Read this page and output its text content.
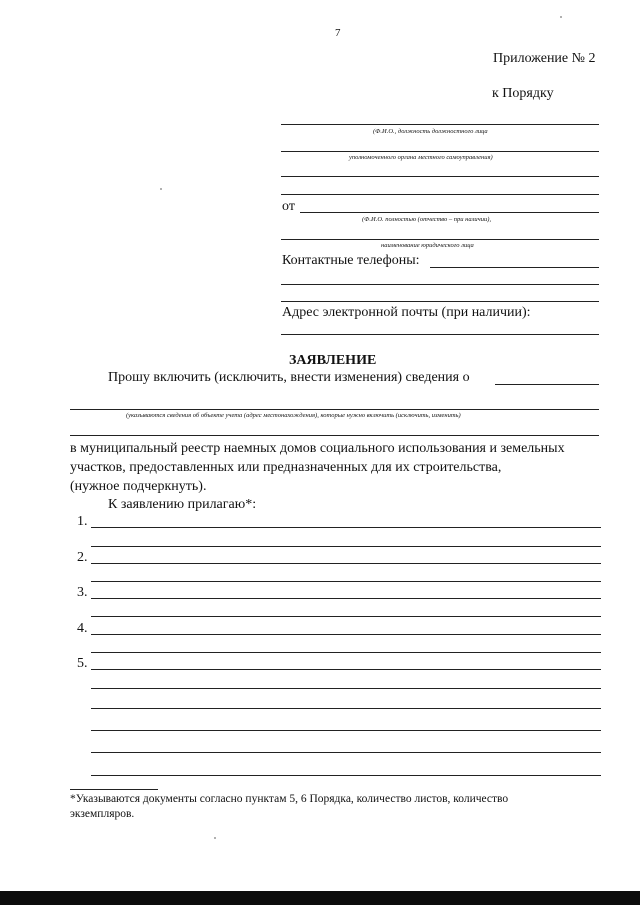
7
Приложение № 2
к Порядку
(Ф.И.О., должность должностного лица
уполномоченного органа местного самоуправления)
от
(Ф.И.О. полностью (отчество – при наличии),
наименование юридического лица
Контактные телефоны:
Адрес электронной почты (при наличии):
ЗАЯВЛЕНИЕ
Прошу включить (исключить, внести изменения) сведения о
(указываются сведения об объекте учета (адрес местонахождения), которые нужно включить (исключить, изменить)
в муниципальный реестр наемных домов социального использования и земельных
участков, предоставленных или предназначенных для их строительства,
(нужное подчеркнуть).
К заявлению прилагаю*:
1.
2.
3.
4.
5.
*Указываются документы согласно пунктам 5, 6 Порядка, количество листов, количество
экземпляров.
